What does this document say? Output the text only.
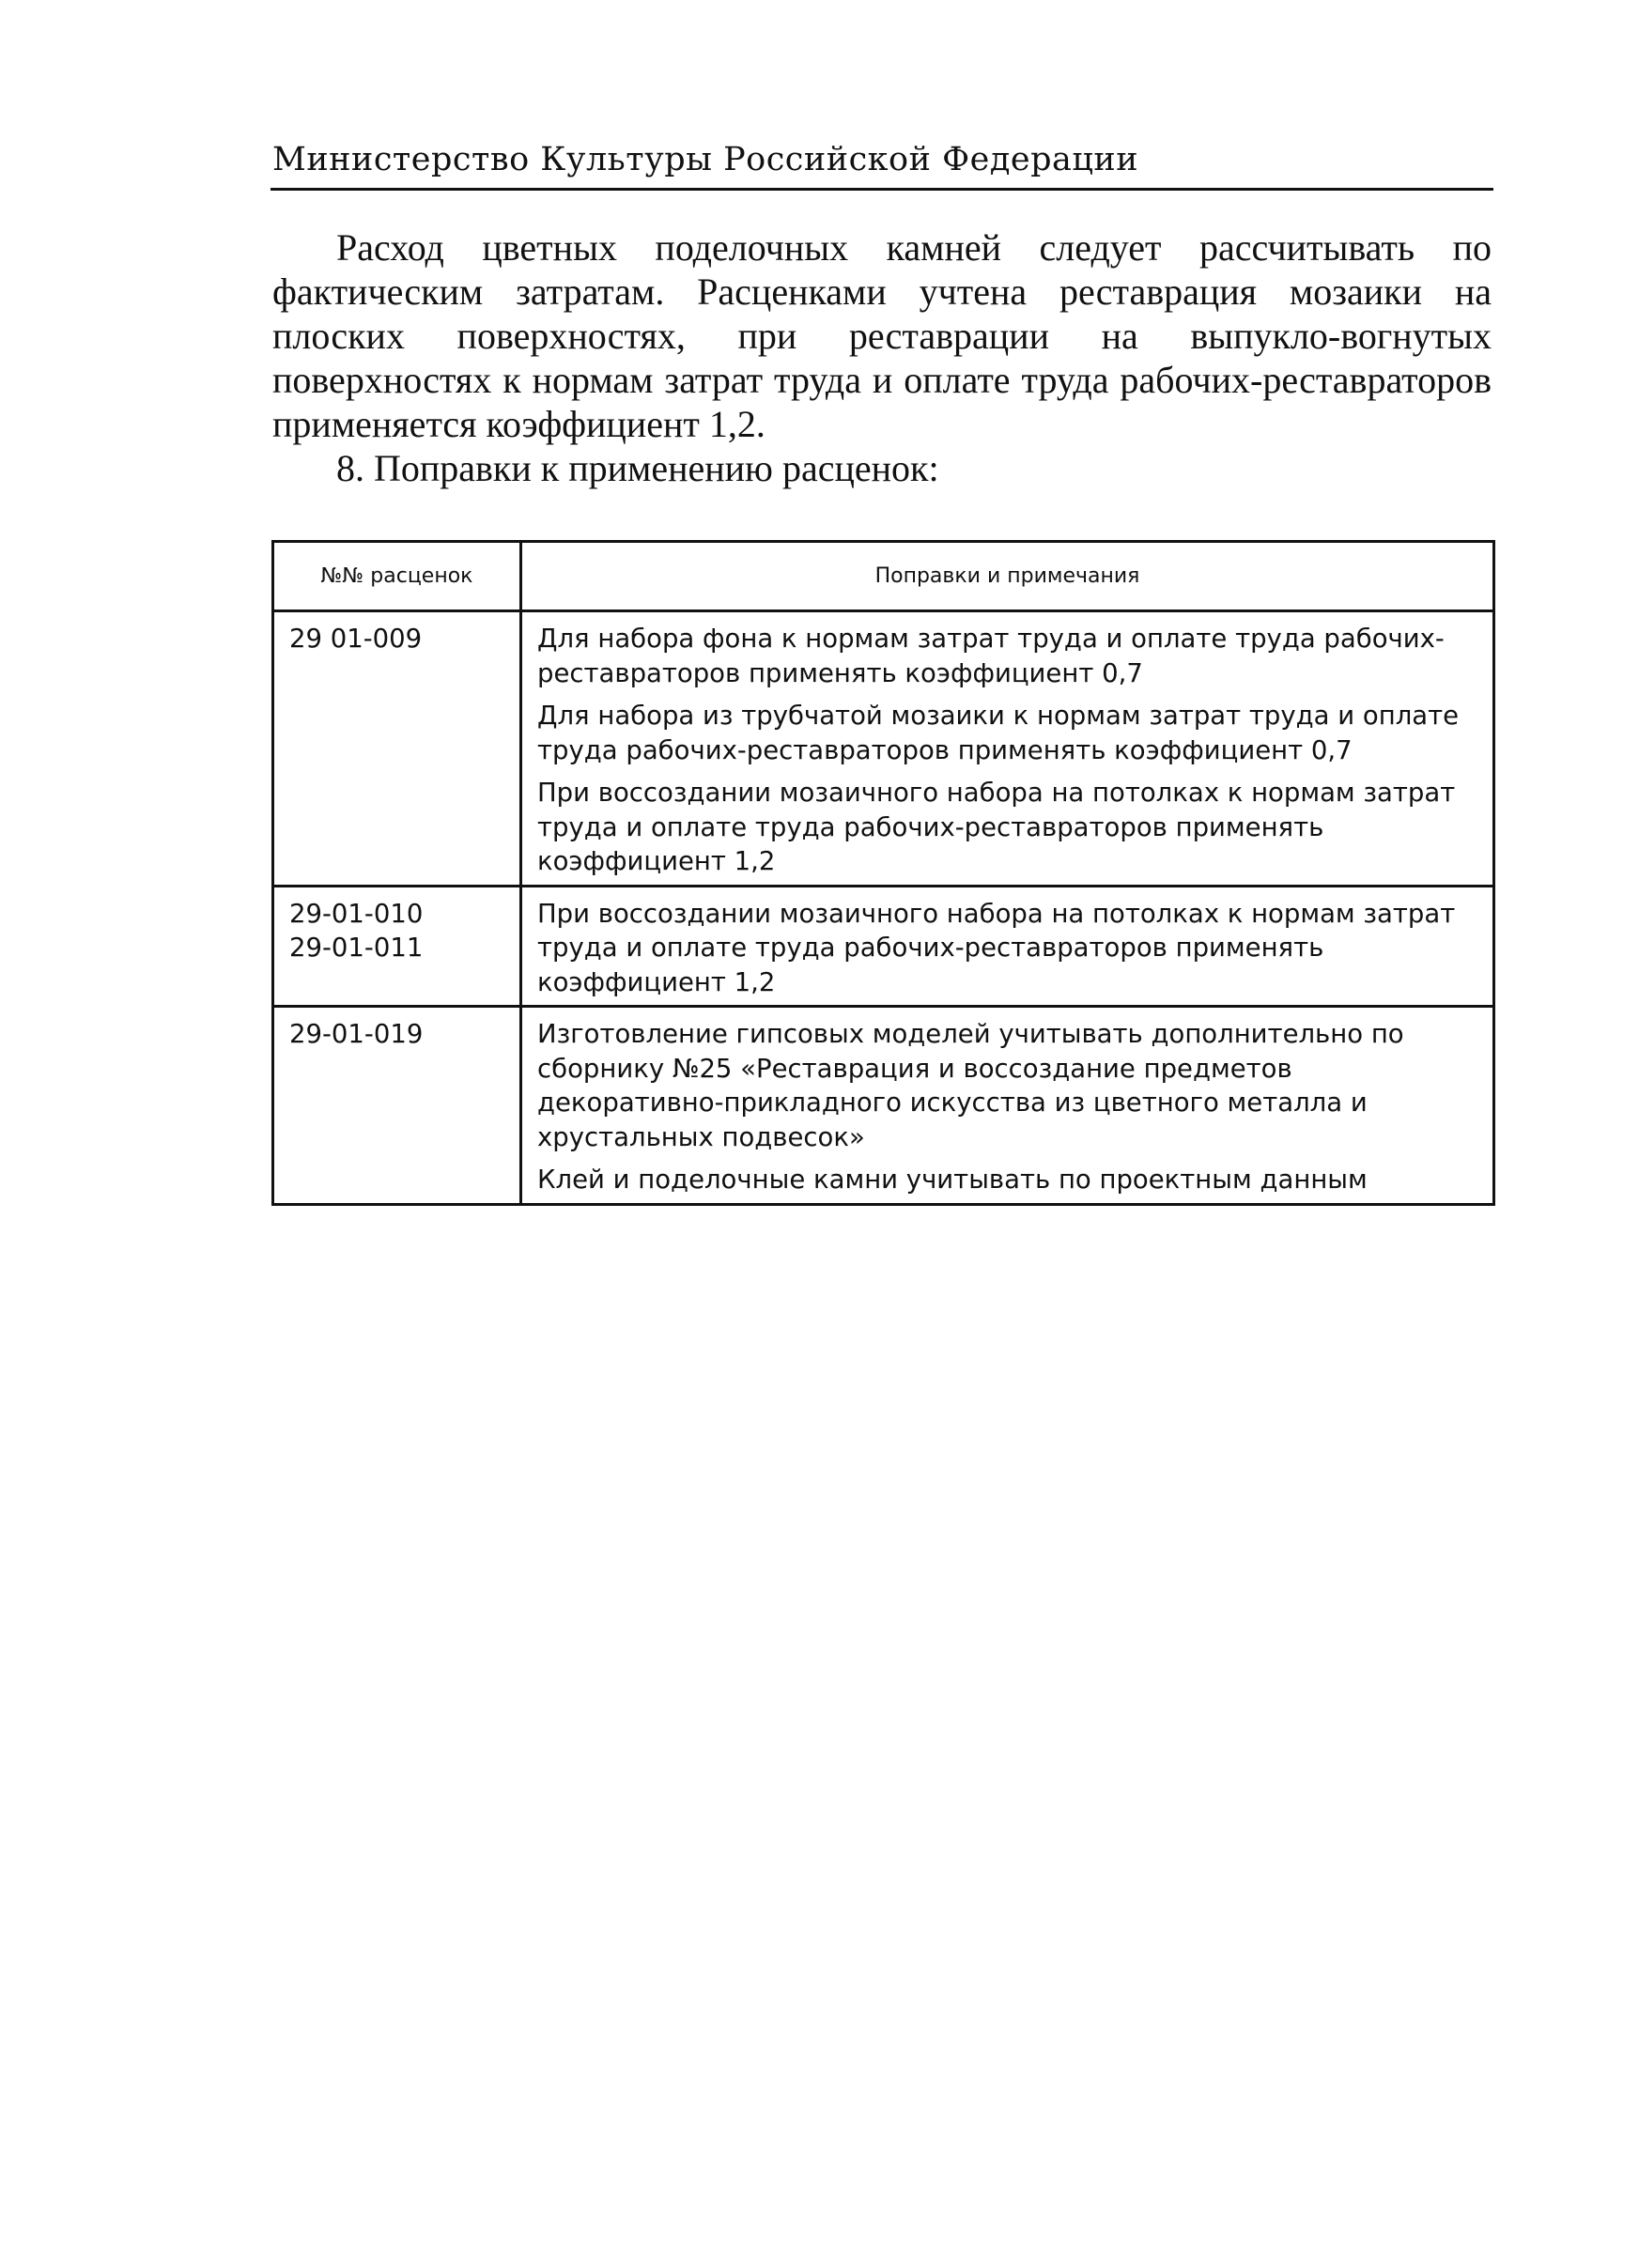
Министерство Культуры Российской Федерации

Расход цветных поделочных камней следует рассчитывать по фактическим затратам. Расценками учтена реставрация мозаики на плоских поверхностях, при реставрации на выпукло-вогнутых поверхностях к нормам затрат труда и оплате труда рабочих-реставраторов применяется коэффициент 1,2.

8. Поправки к применению расценок:

№№ расценок	Поправки и примечания

29 01-009	Для набора фона к нормам затрат труда и оплате труда рабочих-реставраторов применять коэффициент 0,7
Для набора из трубчатой мозаики к нормам затрат труда и оплате труда рабочих-реставраторов применять коэффициент 0,7
При воссоздании мозаичного набора на потолках к нормам затрат труда и оплате труда рабочих-реставраторов применять коэффициент 1,2

29-01-010
29-01-011	При воссоздании мозаичного набора на потолках к нормам затрат труда и оплате труда рабочих-реставраторов применять коэффициент 1,2

29-01-019	Изготовление гипсовых моделей учитывать дополнительно по сборнику №25 «Реставрация и воссоздание предметов декоративно-прикладного искусства из цветного металла и хрустальных подвесок»
Клей и поделочные камни учитывать по проектным данным
